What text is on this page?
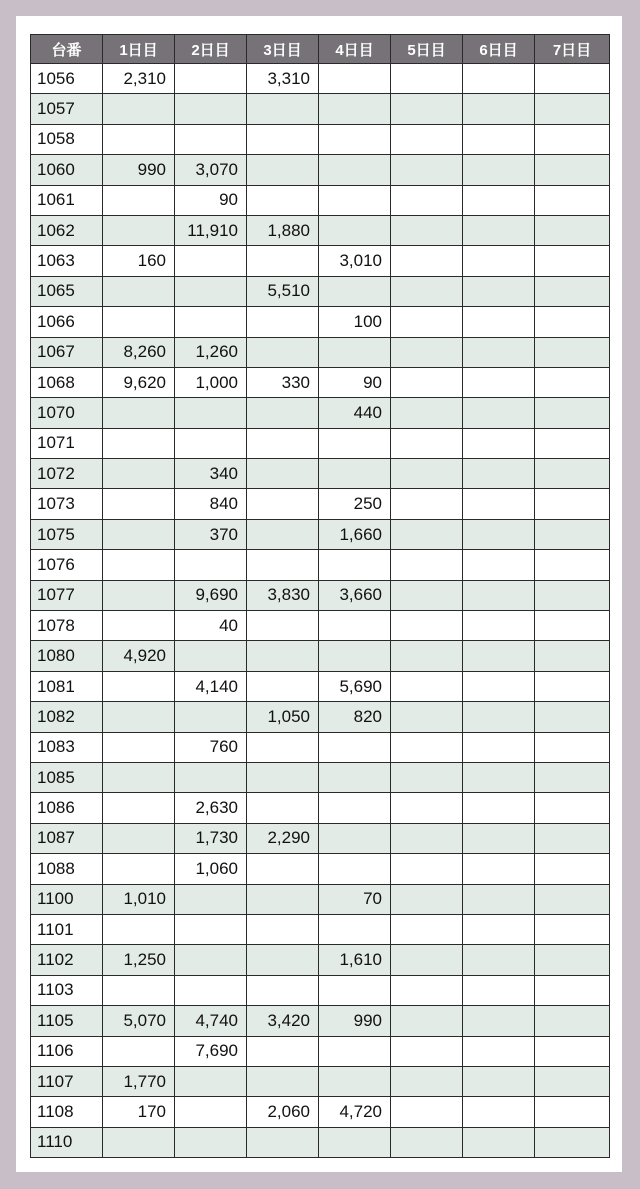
台番	1日目	2日目	3日目	4日目	5日目	6日目	7日目
1056	2,310		3,310				
1057							
1058							
1060	990	3,070					
1061		90					
1062		11,910	1,880				
1063	160			3,010			
1065			5,510				
1066				100			
1067	8,260	1,260					
1068	9,620	1,000	330	90			
1070				440			
1071							
1072		340					
1073		840		250			
1075		370		1,660			
1076							
1077		9,690	3,830	3,660			
1078		40					
1080	4,920						
1081		4,140		5,690			
1082			1,050	820			
1083		760					
1085							
1086		2,630					
1087		1,730	2,290				
1088		1,060					
1100	1,010			70			
1101							
1102	1,250			1,610			
1103							
1105	5,070	4,740	3,420	990			
1106		7,690					
1107	1,770						
1108	170		2,060	4,720			
1110							
